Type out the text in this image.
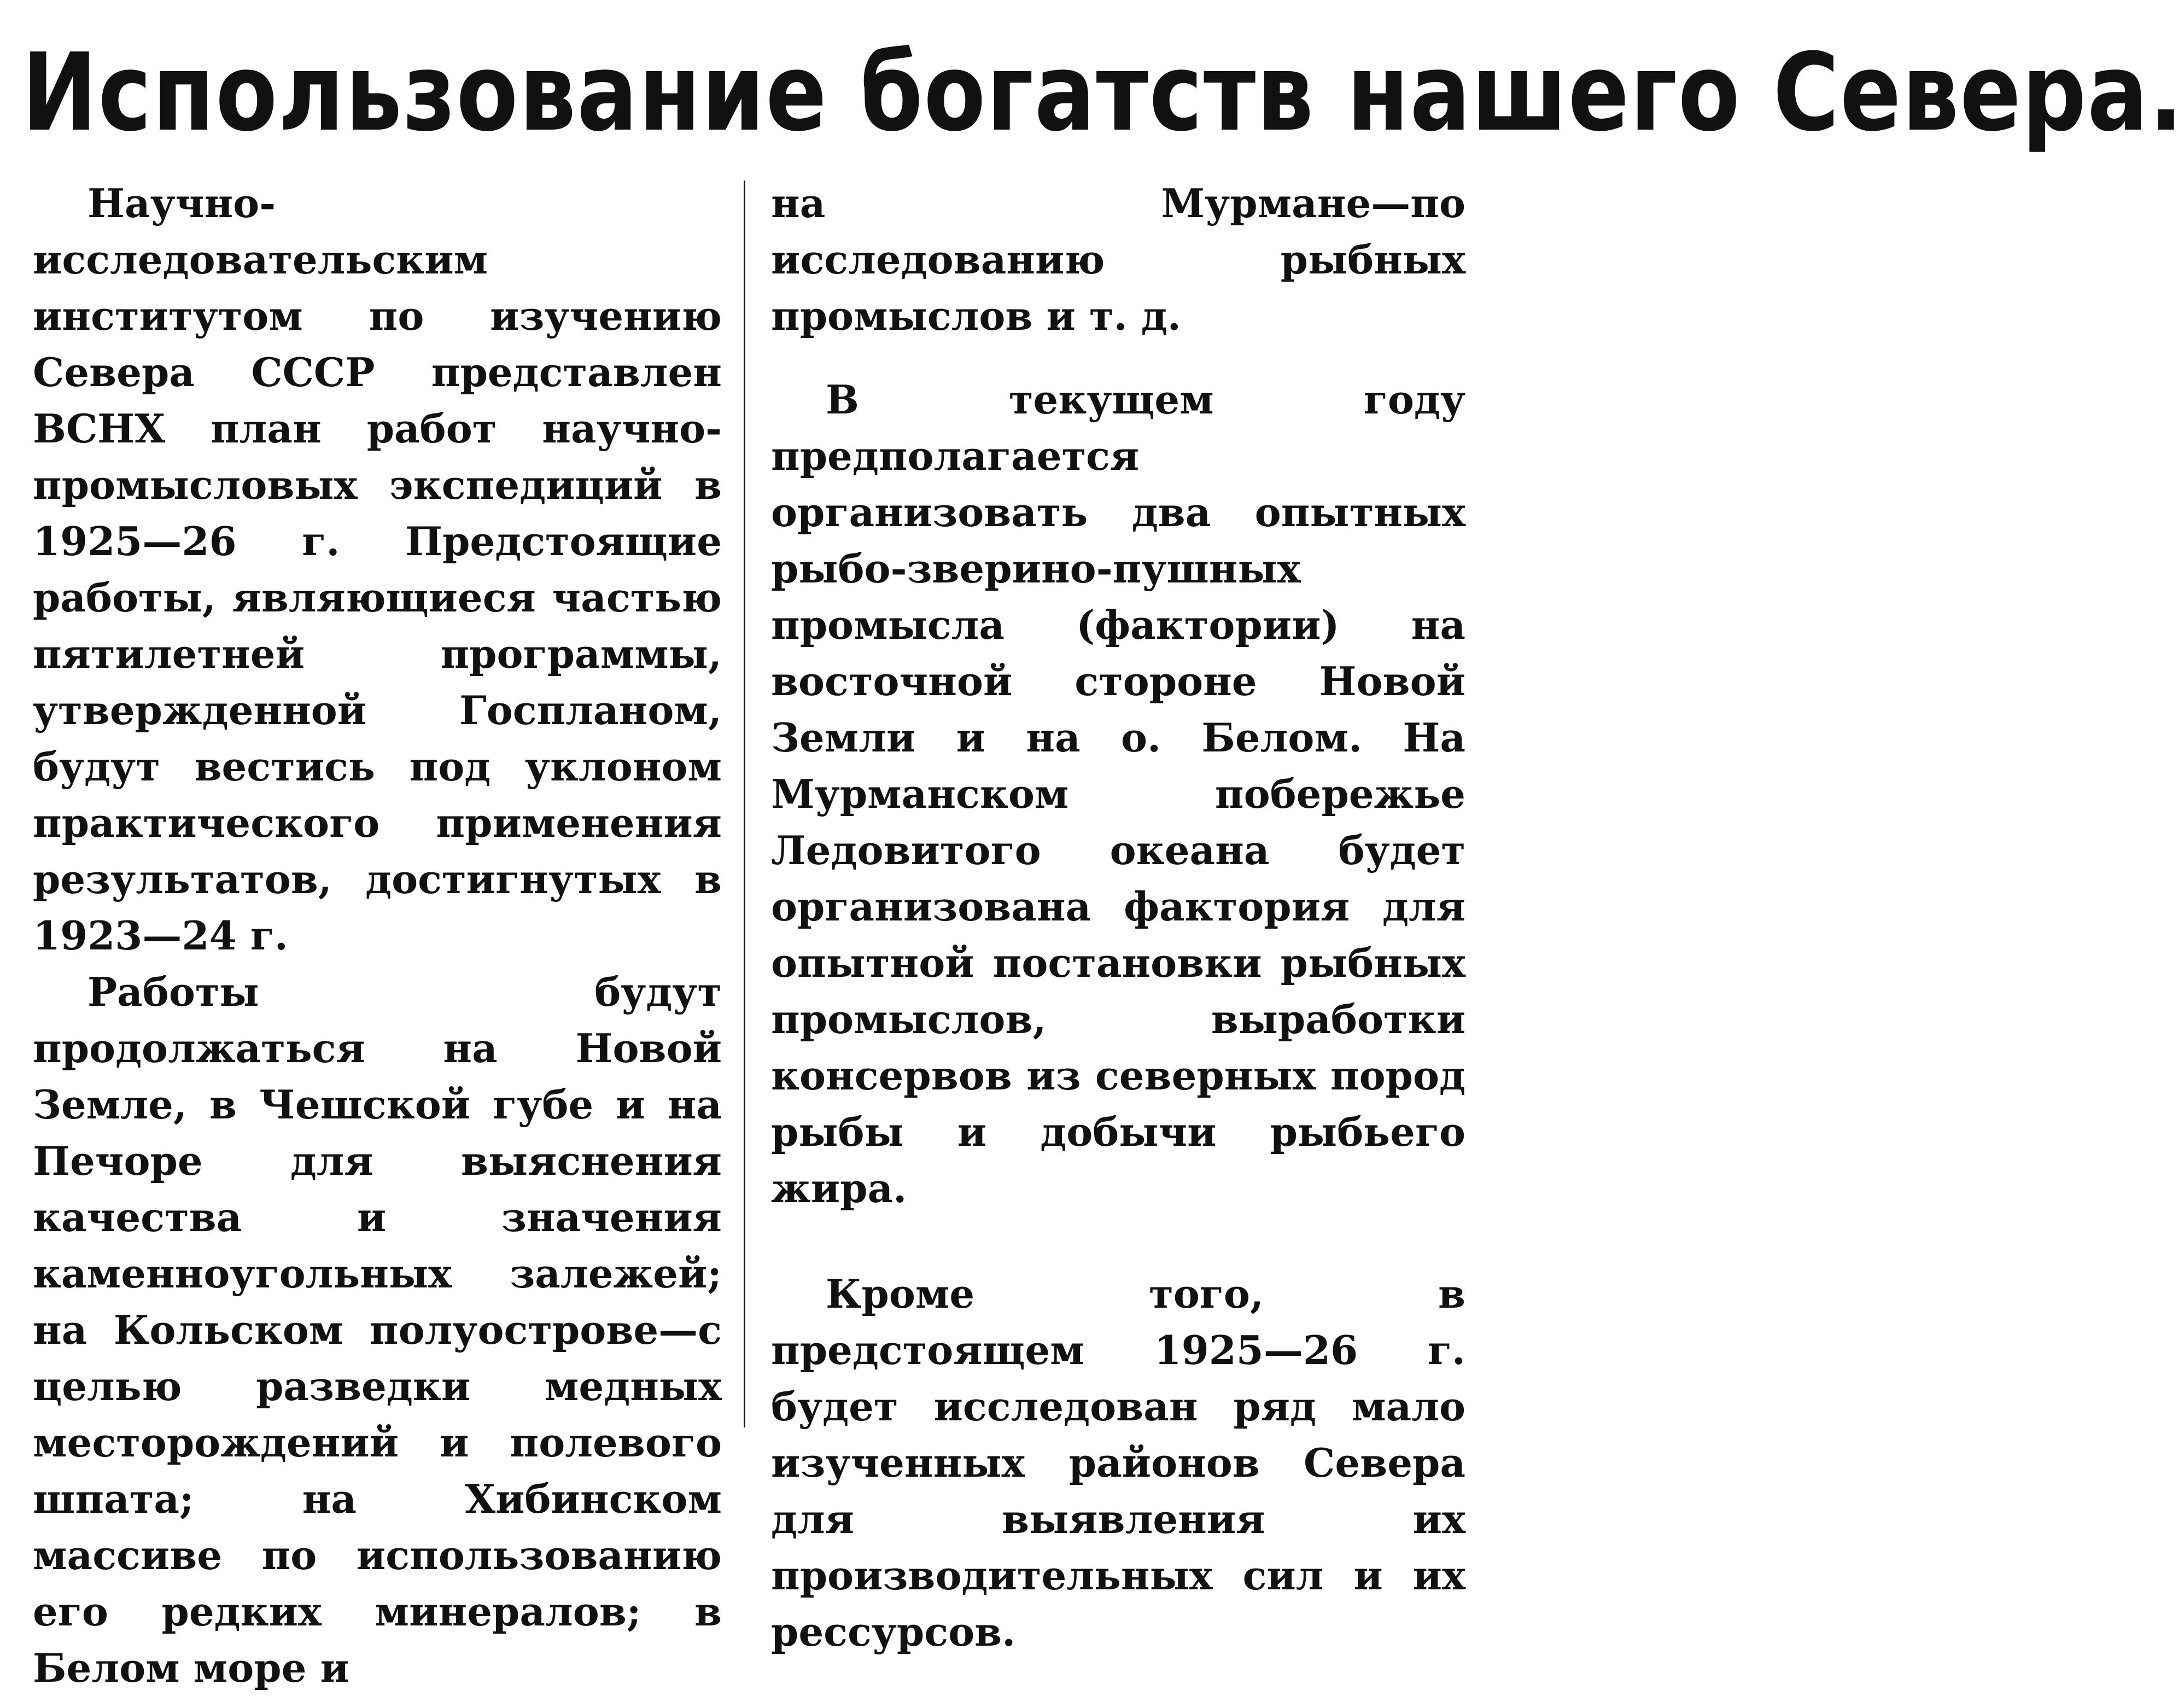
Использование богатств нашего Севера.

Научно-исследовательским институтом по изучению Севера СССР представлен ВСНХ план работ научно-промысловых экспедиций в 1925—26 г. Предстоящие работы, являющиеся частью пятилетней программы, утвержденной Госпланом, будут вестись под уклоном практического применения результатов, достигнутых в 1923—24 г.

Работы будут продолжаться на Новой Земле, в Чешской губе и на Печоре для выяснения качества и значения каменноугольных залежей; на Кольском полуострове—с целью разведки медных месторождений и полевого шпата; на Хибинском массиве по использованию его редких минералов; в Белом море и

на Мурмане—по исследованию рыбных промыслов и т. д.

В текущем году предполагается организовать два опытных рыбо-зверино-пушных промысла (фактории) на восточной стороне Новой Земли и на о. Белом. На Мурманском побережье Ледовитого океана будет организована фактория для опытной постановки рыбных промыслов, выработки консервов из северных пород рыбы и добычи рыбьего жира.

Кроме того, в предстоящем 1925—26 г. будет исследован ряд мало изученных районов Севера для выявления их производительных сил и их рессурсов.
